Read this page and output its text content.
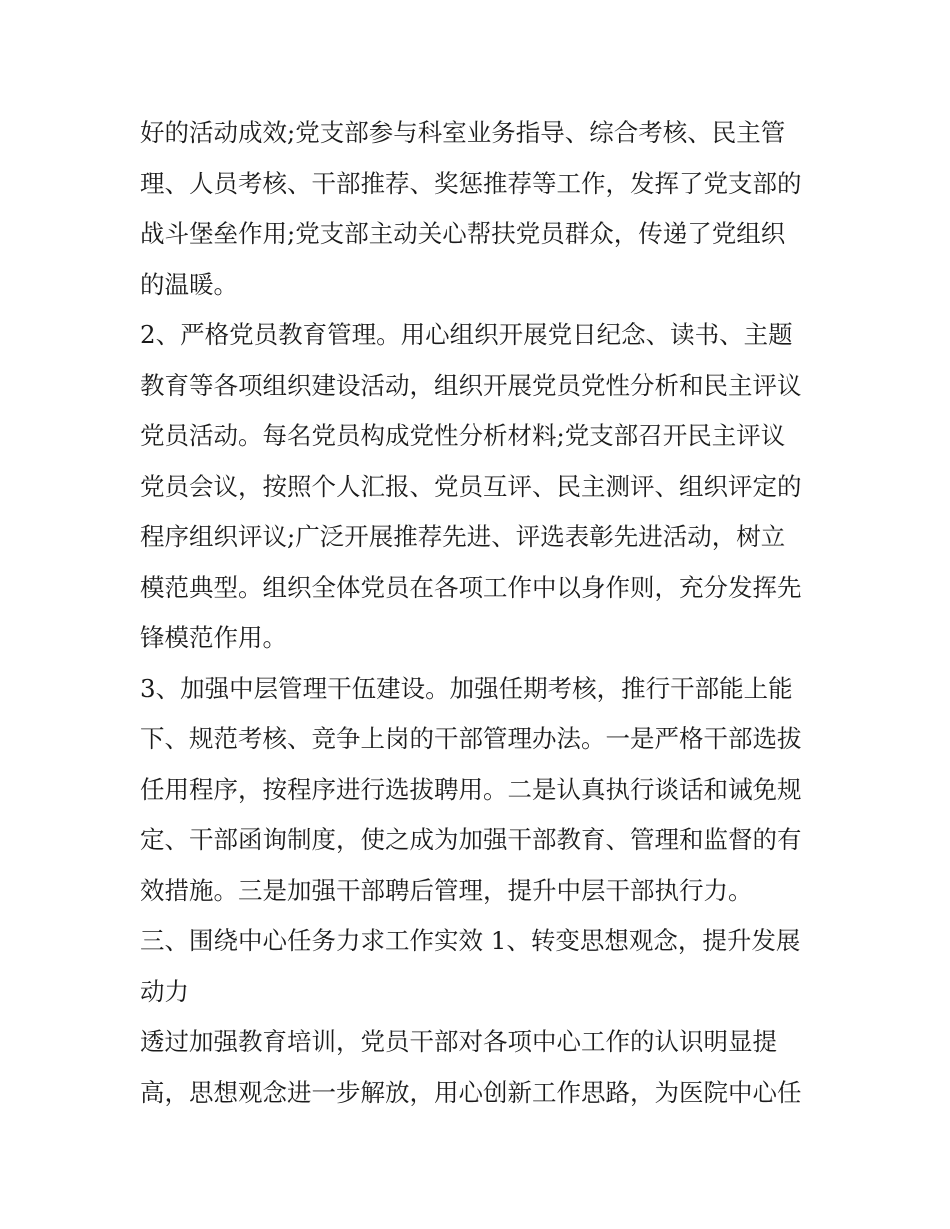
好的活动成效;党支部参与科室业务指导、综合考核、民主管
理、人员考核、干部推荐、奖惩推荐等工作，发挥了党支部的
战斗堡垒作用;党支部主动关心帮扶党员群众，传递了党组织
的温暖。
2、严格党员教育管理。用心组织开展党日纪念、读书、主题
教育等各项组织建设活动，组织开展党员党性分析和民主评议
党员活动。每名党员构成党性分析材料;党支部召开民主评议
党员会议，按照个人汇报、党员互评、民主测评、组织评定的
程序组织评议;广泛开展推荐先进、评选表彰先进活动，树立
模范典型。组织全体党员在各项工作中以身作则，充分发挥先
锋模范作用。
3、加强中层管理干伍建设。加强任期考核，推行干部能上能
下、规范考核、竞争上岗的干部管理办法。一是严格干部选拔
任用程序，按程序进行选拔聘用。二是认真执行谈话和诫免规
定、干部函询制度，使之成为加强干部教育、管理和监督的有
效措施。三是加强干部聘后管理，提升中层干部执行力。
三、围绕中心任务力求工作实效 1、转变思想观念，提升发展
动力
透过加强教育培训，党员干部对各项中心工作的认识明显提
高，思想观念进一步解放，用心创新工作思路，为医院中心任
